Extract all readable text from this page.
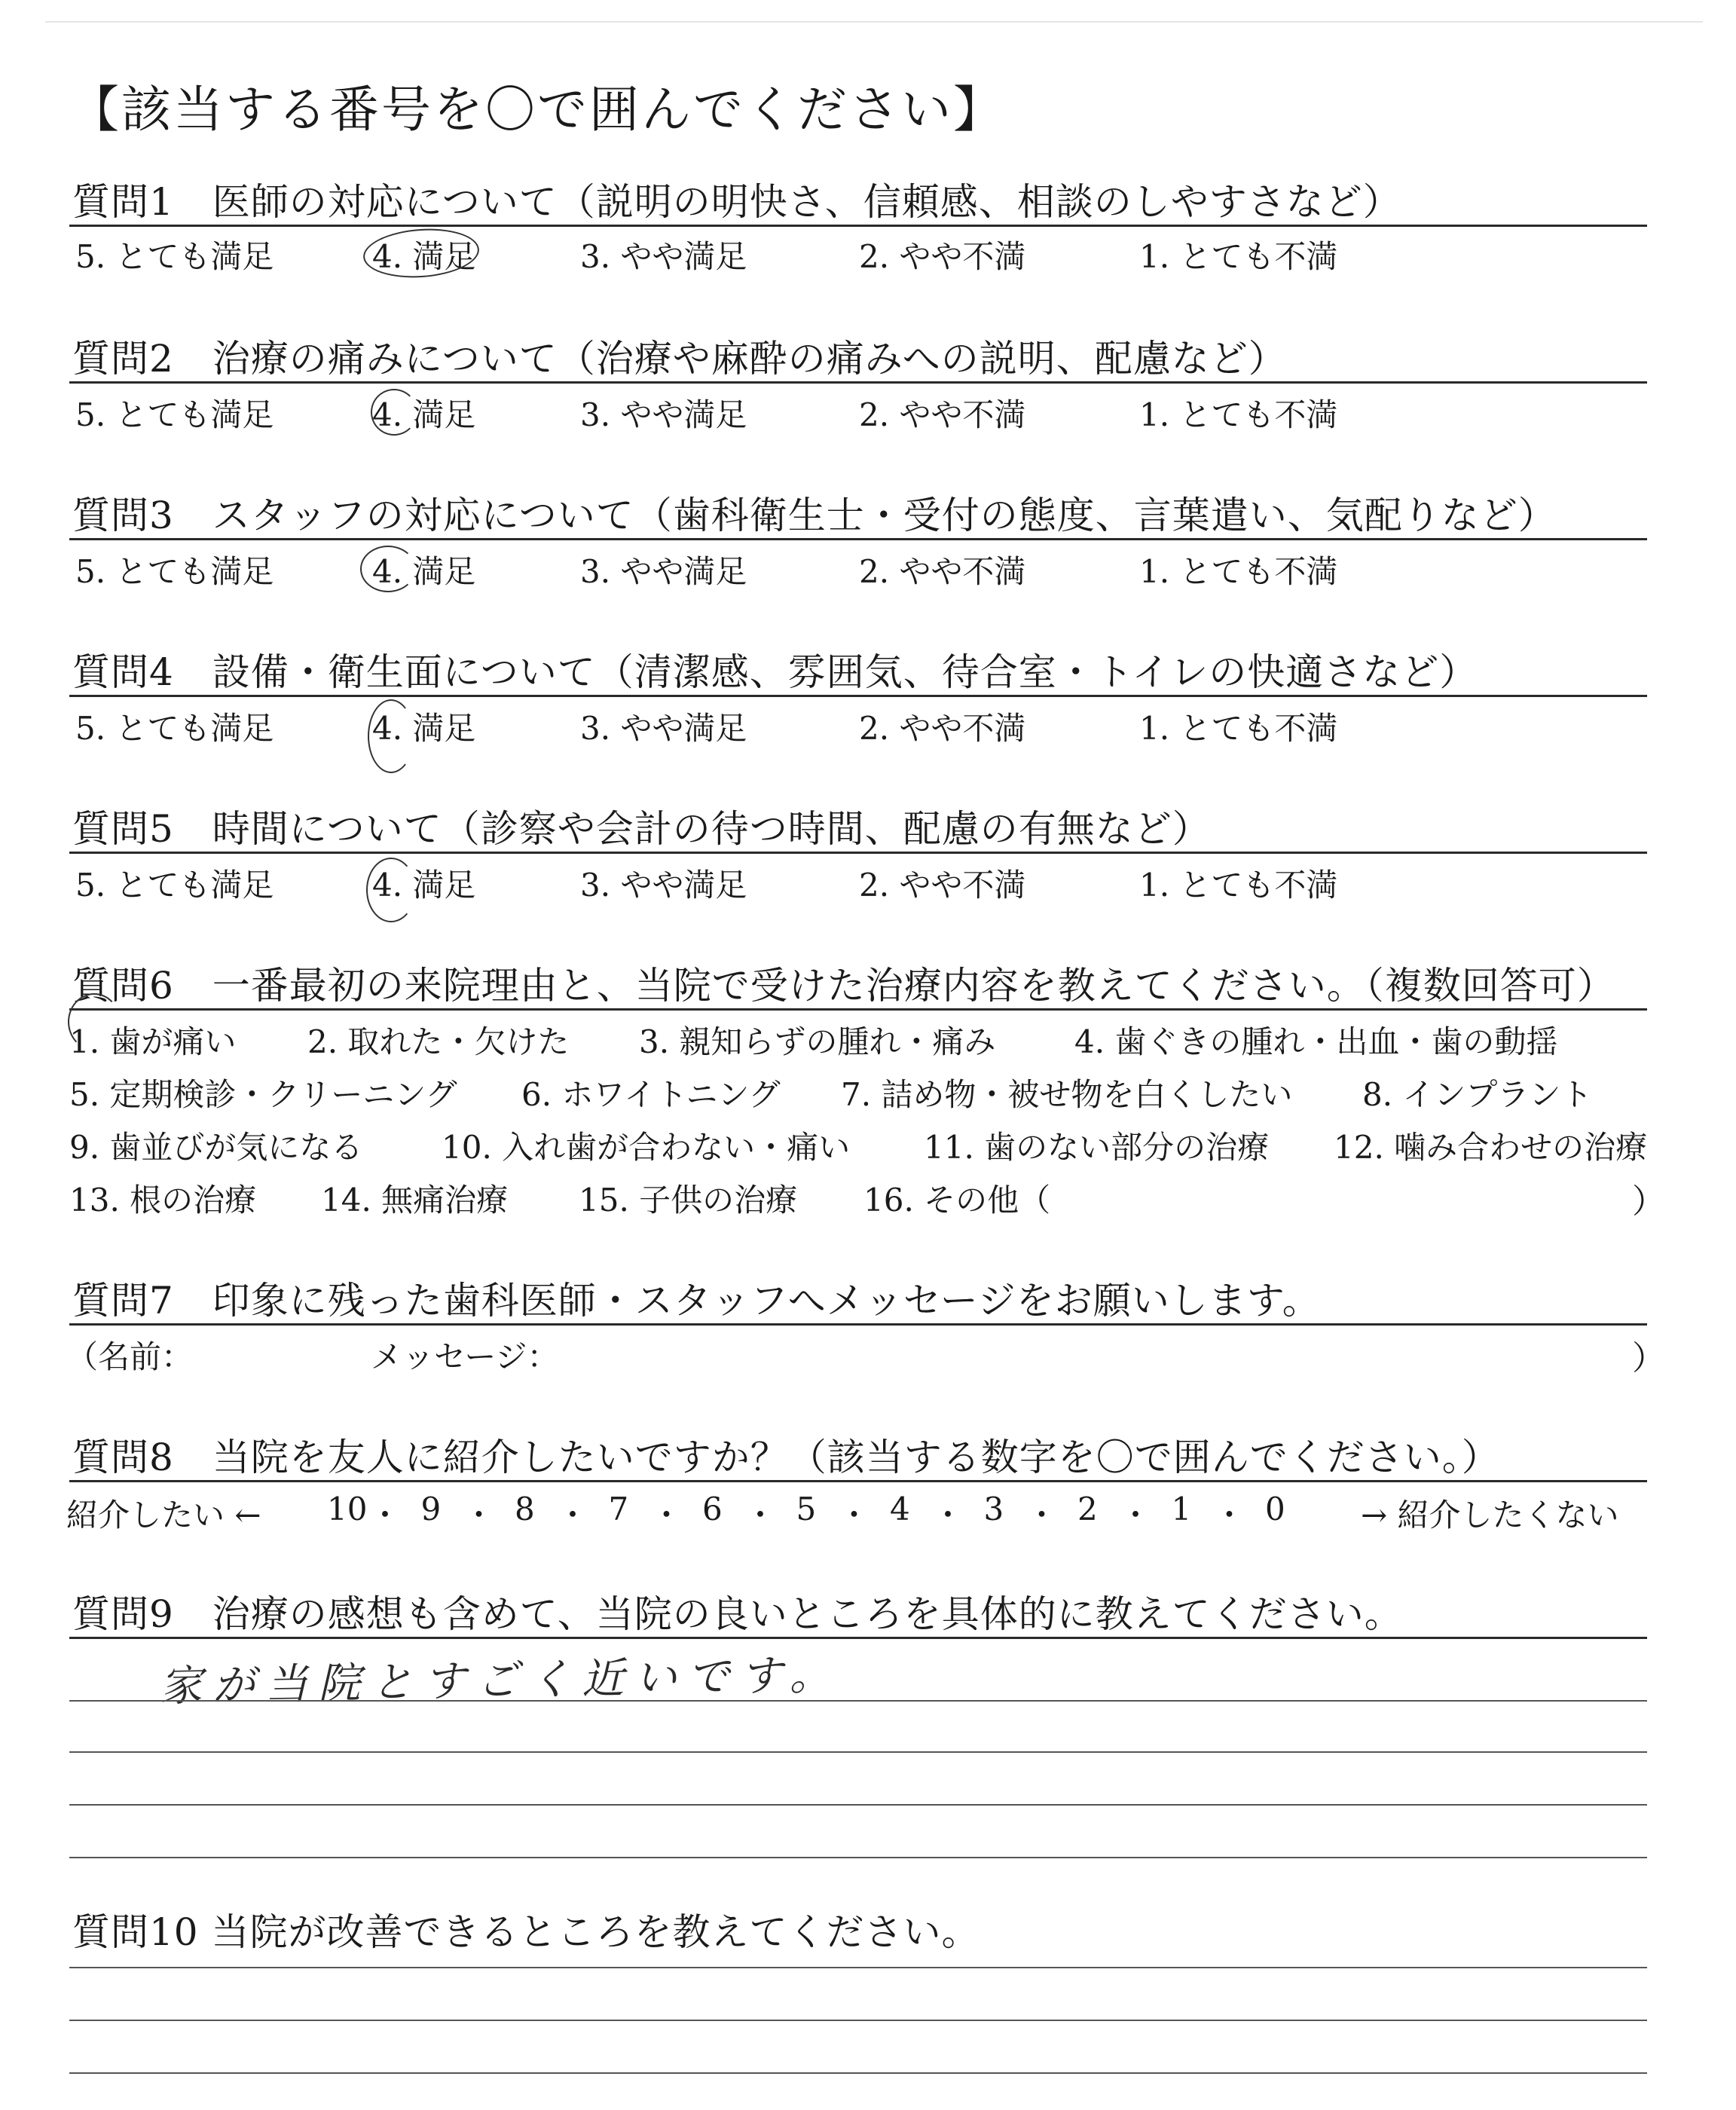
【該当する番号を〇で囲んでください】
質問1　医師の対応について（説明の明快さ、信頼感、相談のしやすさなど）
5. とても満足	4. 満足	3. やや満足	2. やや不満	1. とても不満
質問2　治療の痛みについて（治療や麻酔の痛みへの説明、配慮など）
5. とても満足	4. 満足	3. やや満足	2. やや不満	1. とても不満
質問3　スタッフの対応について（歯科衛生士・受付の態度、言葉遣い、気配りなど）
5. とても満足	4. 満足	3. やや満足	2. やや不満	1. とても不満
質問4　設備・衛生面について（清潔感、雰囲気、待合室・トイレの快適さなど）
5. とても満足	4. 満足	3. やや満足	2. やや不満	1. とても不満
質問5　時間について（診察や会計の待つ時間、配慮の有無など）
5. とても満足	4. 満足	3. やや満足	2. やや不満	1. とても不満
質問6　一番最初の来院理由と、当院で受けた治療内容を教えてください。（複数回答可）
1. 歯が痛い 2. 取れた・欠けた 3. 親知らずの腫れ・痛み 4. 歯ぐきの腫れ・出血・歯の動揺
5. 定期検診・クリーニング 6. ホワイトニング 7. 詰め物・被せ物を白くしたい 8. インプラント
9. 歯並びが気になる 10. 入れ歯が合わない・痛い 11. 歯のない部分の治療 12. 噛み合わせの治療
13. 根の治療 14. 無痛治療 15. 子供の治療 16. その他（	）
質問7　印象に残った歯科医師・スタッフへメッセージをお願いします。
（名前：	メッセージ：	）
質問8　当院を友人に紹介したいですか？（該当する数字を〇で囲んでください。）
紹介したい ←	→ 紹介したくない
10 ・ 9 ・ 8 ・ 7 ・ 6 ・ 5 ・ 4 ・ 3 ・ 2 ・ 1 ・ 0
質問9　治療の感想も含めて、当院の良いところを具体的に教えてください。
家が当院とすごく近いです。
質問10 当院が改善できるところを教えてください。
